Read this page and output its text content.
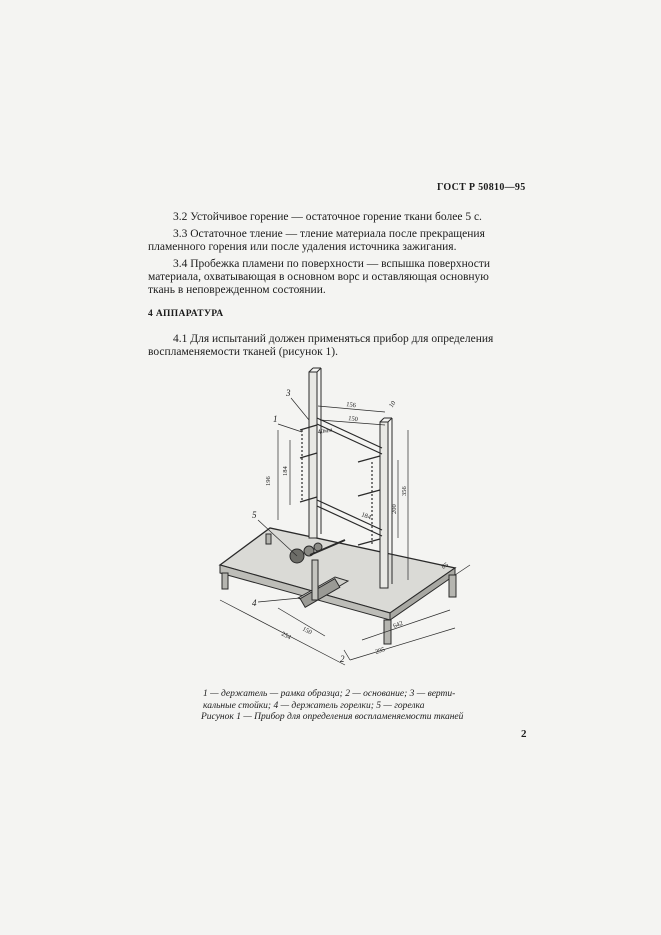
ГОСТ Р 50810—95
3.2 Устойчивое горение — остаточное горение ткани более 5 с.
3.3 Остаточное тление — тление материала после прекращения
пламенного горения или после удаления источника зажигания.
3.4 Пробежка пламени по поверхности — вспышка поверхности
материала, охватывающая в основном ворс и оставляющая основную
ткань в неповрежденном состоянии.
4 АППАРАТУРА
4.1 Для испытаний должен применяться прибор для определения
воспламеняемости тканей (рисунок 1).
1
2
3
4
5
156
150
10
40мм
184
196
200
356
184
85
642
150
254
295
1 — держатель — рамка образца; 2 — основание; 3 — верти-
кальные стойки; 4 — держатель горелки; 5 — горелка
Рисунок 1 — Прибор для определения воспламеняемости тканей
2
